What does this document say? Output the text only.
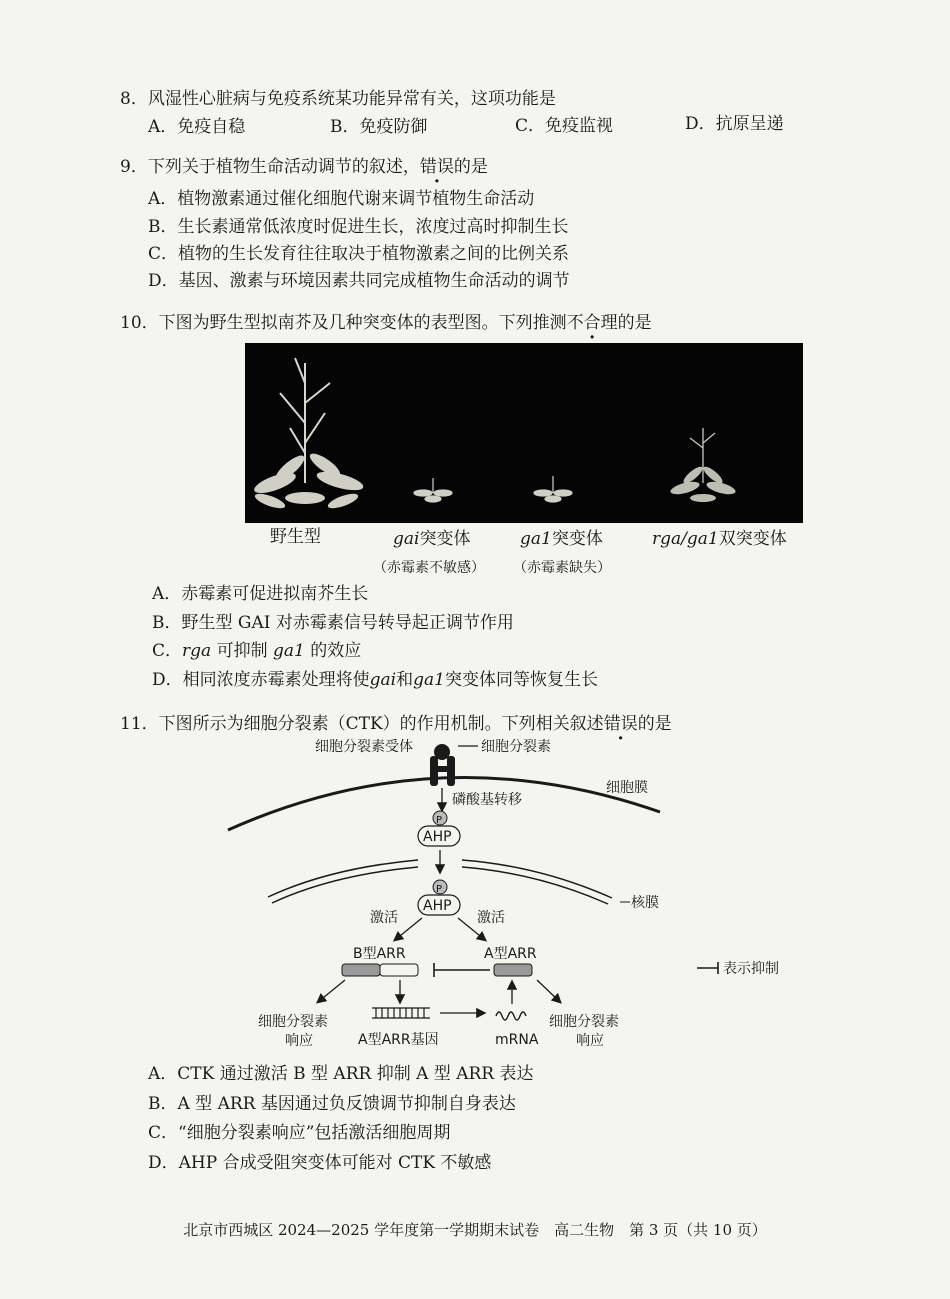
8．风湿性心脏病与免疫系统某功能异常有关，这项功能是
A．免疫自稳	B．免疫防御	C．免疫监视	D．抗原呈递
9．下列关于植物生命活动调节的叙述，错误的是
A．植物激素通过催化细胞代谢来调节植物生命活动
B．生长素通常低浓度时促进生长，浓度过高时抑制生长
C．植物的生长发育往往取决于植物激素之间的比例关系
D．基因、激素与环境因素共同完成植物生命活动的调节
10．下图为野生型拟南芥及几种突变体的表型图。下列推测不合理的是
野生型	gai突变体
（赤霉素不敏感）
ga1突变体
（赤霉素缺失）
rga/ga1双突变体
A．赤霉素可促进拟南芥生长
B．野生型 GAI 对赤霉素信号转导起正调节作用
C．rga 可抑制 ga1 的效应
D．相同浓度赤霉素处理将使gai和ga1突变体同等恢复生长
11．下图所示为细胞分裂素（CTK）的作用机制。下列相关叙述错误的是
细胞膜
细胞分裂素受体	细胞分裂素
磷酸基转移
P
AHP
核膜
P
AHP
激活	激活
B型ARR	A型ARR
表示抑制
A型ARR基因	mRNA
细胞分裂素
响应
细胞分裂素
响应
A．CTK 通过激活 B 型 ARR 抑制 A 型 ARR 表达
B．A 型 ARR 基因通过负反馈调节抑制自身表达
C．“细胞分裂素响应”包括激活细胞周期
D．AHP 合成受阻突变体可能对 CTK 不敏感
北京市西城区 2024—2025 学年度第一学期期末试卷　高二生物　第 3 页（共 10 页）
